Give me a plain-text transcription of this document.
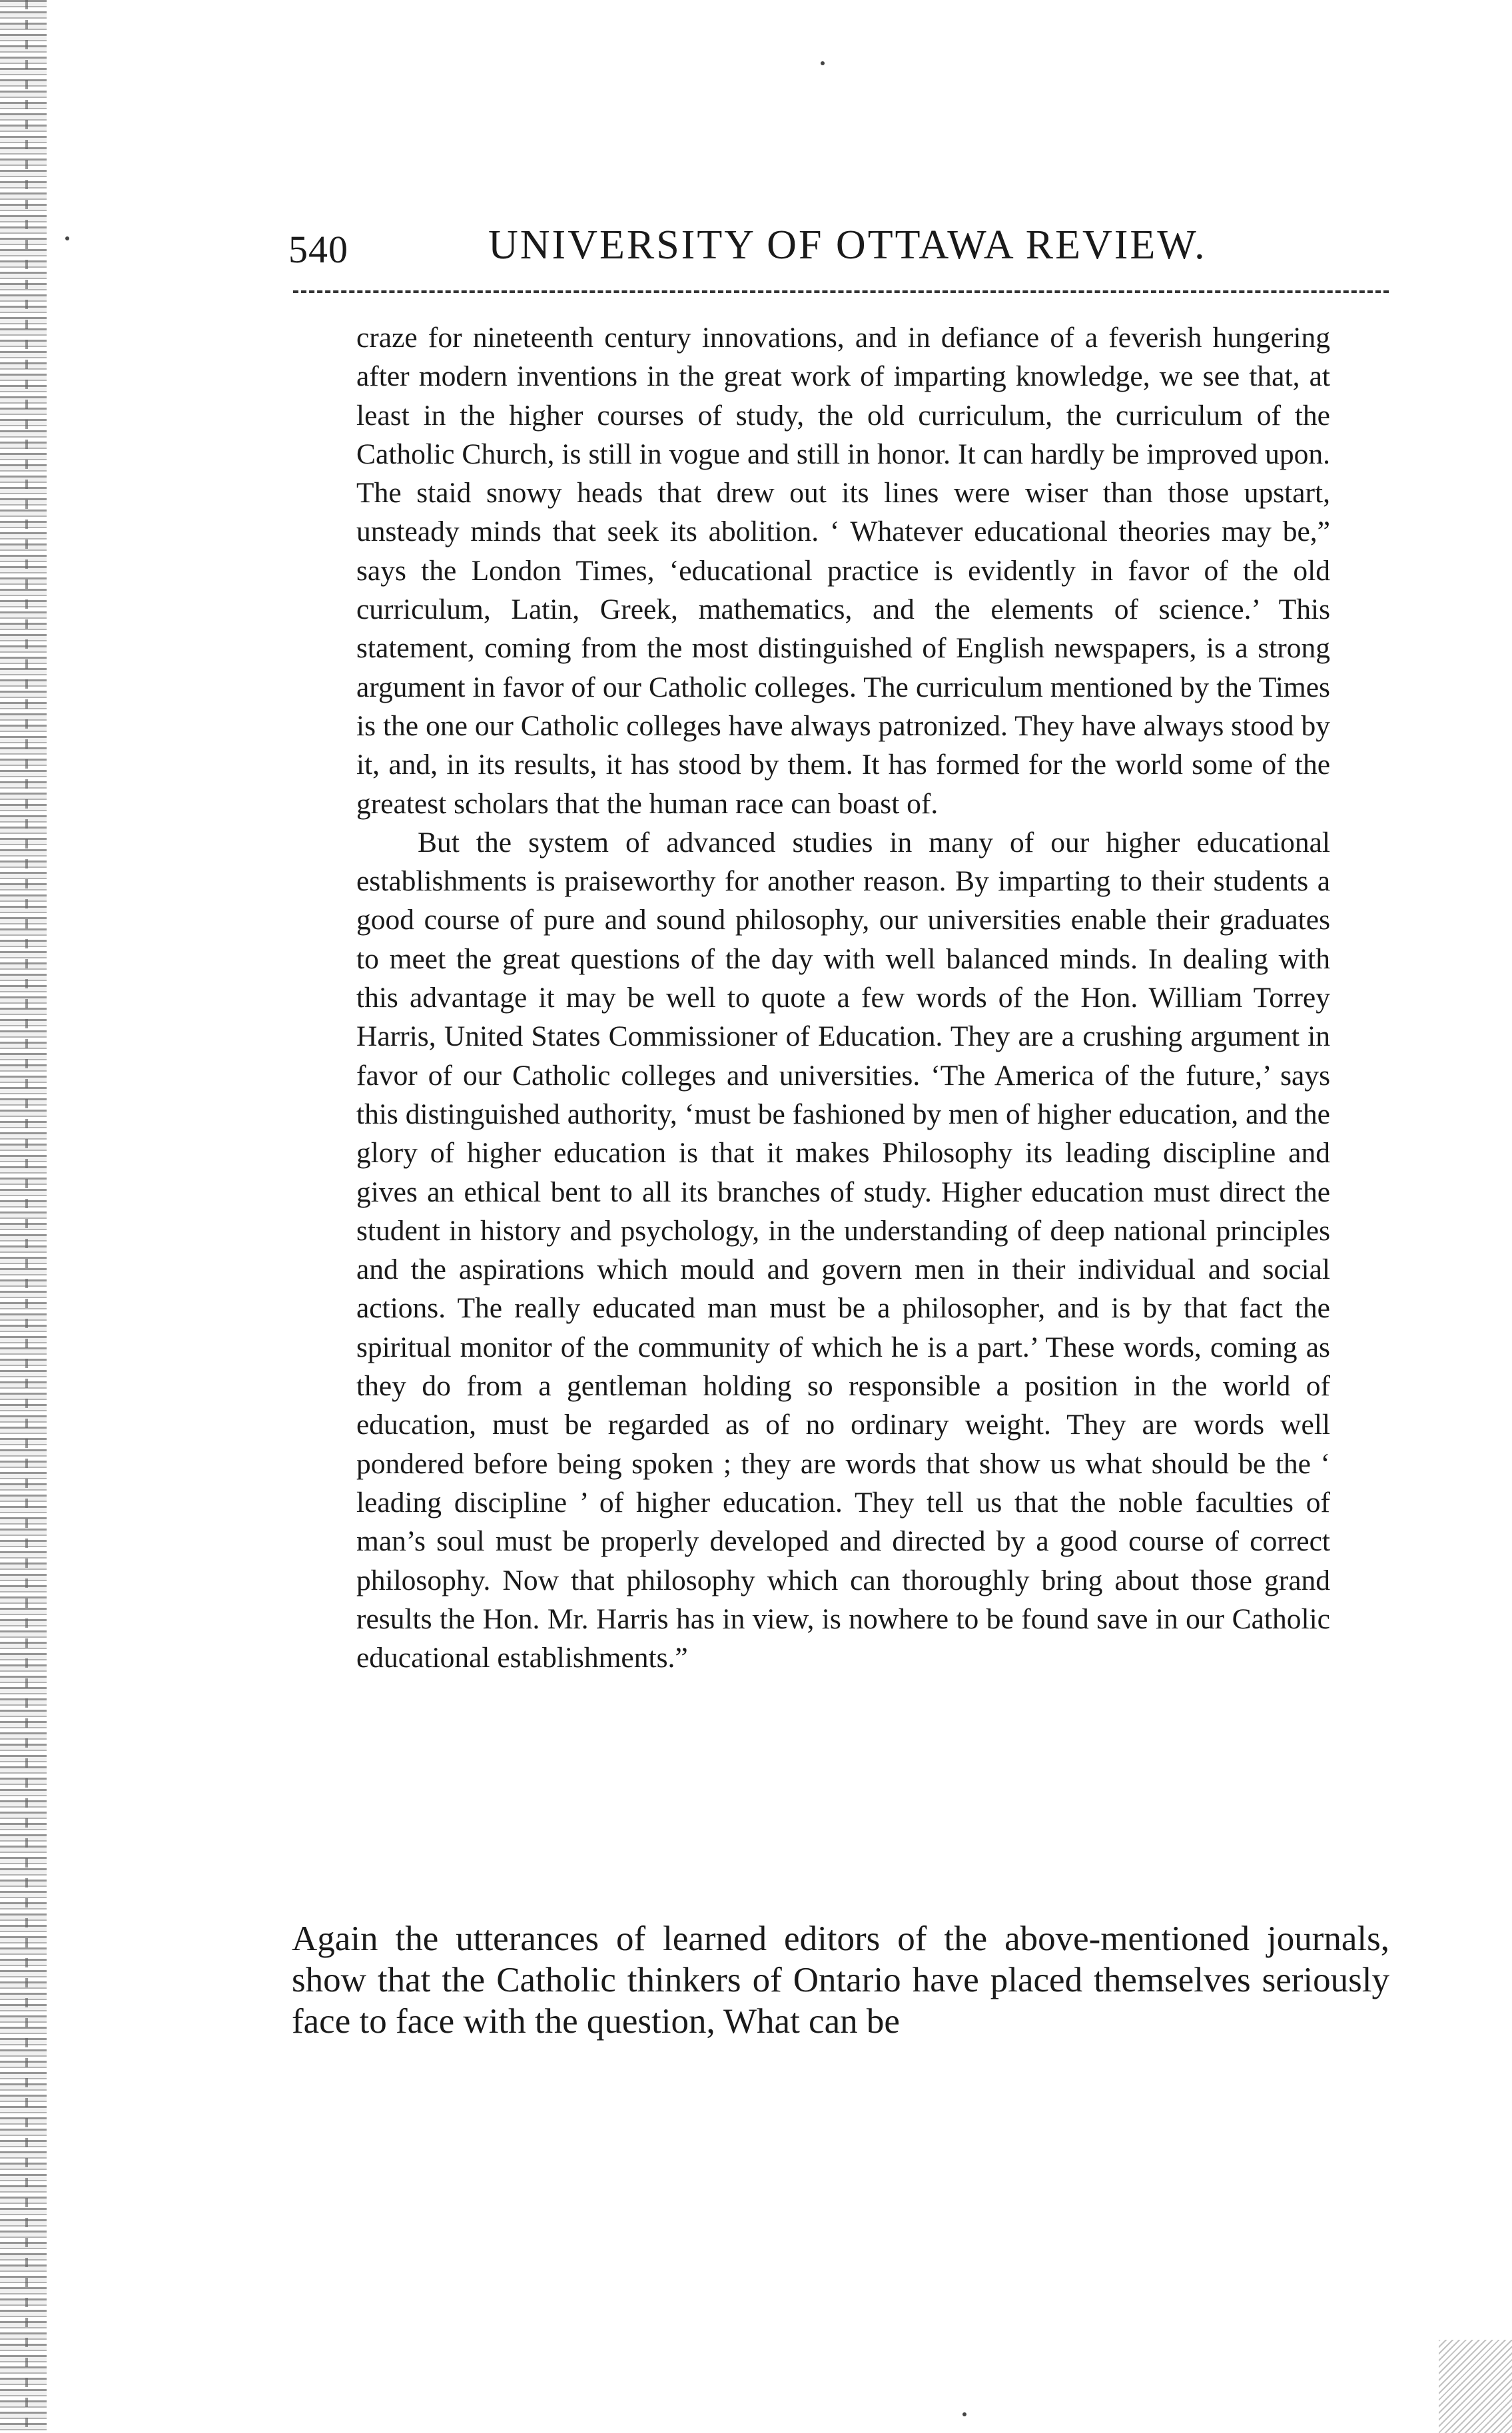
540	UNIVERSITY OF OTTAWA REVIEW.

craze for nineteenth century innovations, and in defiance of a feverish hungering after modern inventions in the great work of imparting knowledge, we see that, at least in the higher courses of study, the old curriculum, the curriculum of the Catholic Church, is still in vogue and still in honor. It can hardly be improved upon. The staid snowy heads that drew out its lines were wiser than those upstart, unsteady minds that seek its abolition. ‘ Whatever educational theories may be,” says the London Times, ‘educational practice is evidently in favor of the old curriculum, Latin, Greek, mathematics, and the elements of science.’ This statement, coming from the most distinguished of English newspapers, is a strong argument in favor of our Catholic colleges. The curriculum mentioned by the Times is the one our Catholic colleges have always patronized. They have always stood by it, and, in its results, it has stood by them. It has formed for the world some of the greatest scholars that the human race can boast of.

But the system of advanced studies in many of our higher educational establishments is praiseworthy for another reason. By imparting to their students a good course of pure and sound philosophy, our universities enable their graduates to meet the great questions of the day with well balanced minds. In dealing with this advantage it may be well to quote a few words of the Hon. William Torrey Harris, United States Commissioner of Education. They are a crushing argument in favor of our Catholic colleges and universities. ‘The America of the future,’ says this distinguished authority, ‘must be fashioned by men of higher education, and the glory of higher education is that it makes Philosophy its leading discipline and gives an ethical bent to all its branches of study. Higher education must direct the student in history and psychology, in the understanding of deep national principles and the aspirations which mould and govern men in their individual and social actions. The really educated man must be a philosopher, and is by that fact the spiritual monitor of the community of which he is a part.’ These words, coming as they do from a gentleman holding so responsible a position in the world of education, must be regarded as of no ordinary weight. They are words well pondered before being spoken ; they are words that show us what should be the ‘ leading discipline ’ of higher education. They tell us that the noble faculties of man’s soul must be properly developed and directed by a good course of correct philosophy. Now that philosophy which can thoroughly bring about those grand results the Hon. Mr. Harris has in view, is nowhere to be found save in our Catholic educational establishments.”

Again the utterances of learned editors of the above-mentioned journals, show that the Catholic thinkers of Ontario have placed themselves seriously face to face with the question, What can be
